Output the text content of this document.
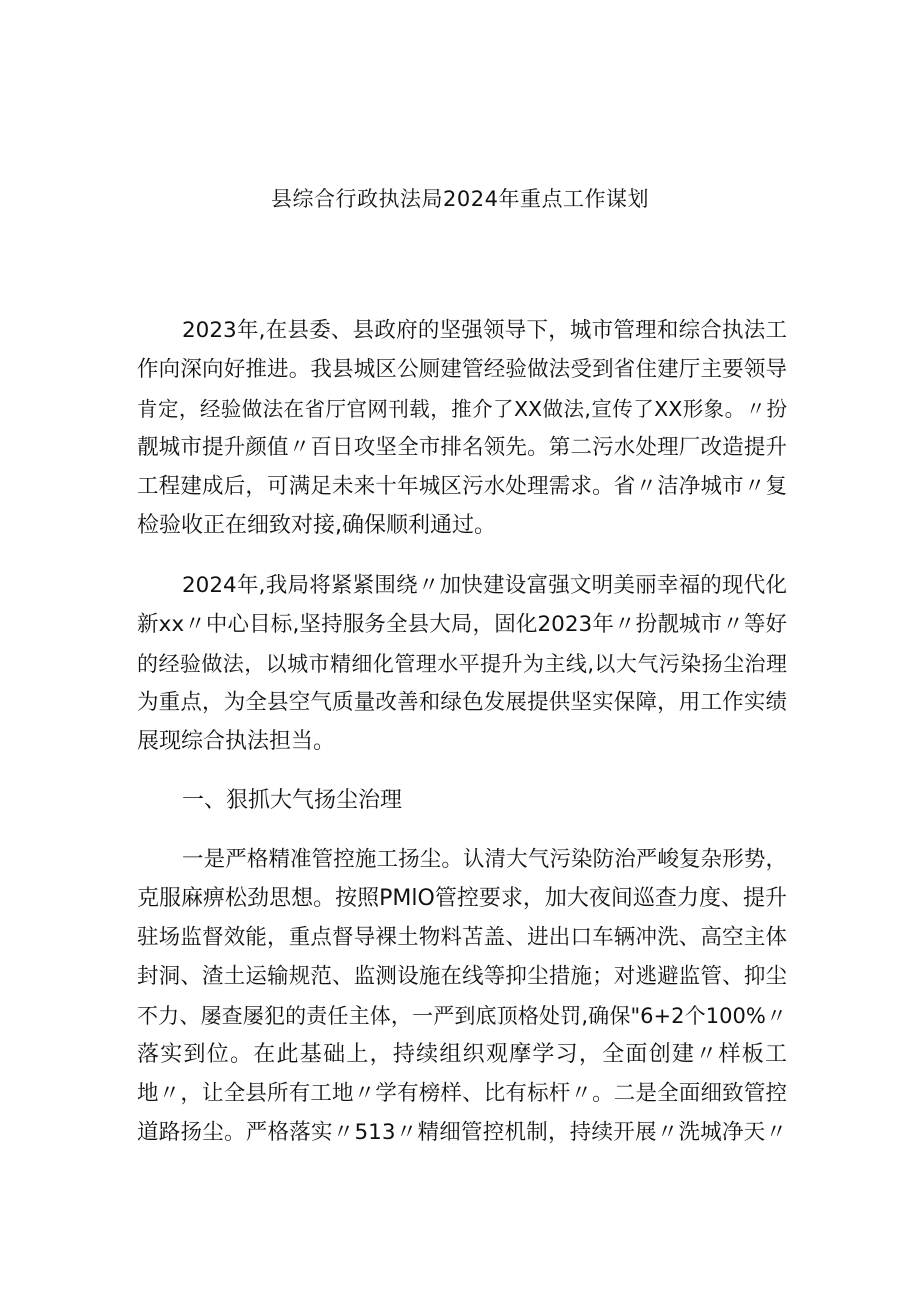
县综合行政执法局2024年重点工作谋划
2023年,在县委、县政府的坚强领导下，城市管理和综合执法工
作向深向好推进。我县城区公厕建管经验做法受到省住建厅主要领导
肯定，经验做法在省厅官网刊载，推介了XX做法,宣传了XX形象。〃扮
靓城市提升颜值〃百日攻坚全市排名领先。第二污水处理厂改造提升
工程建成后，可满足未来十年城区污水处理需求。省〃洁净城市〃复
检验收正在细致对接,确保顺利通过。
2024年,我局将紧紧围绕〃加快建设富强文明美丽幸福的现代化
新xx〃中心目标,坚持服务全县大局，固化2023年〃扮靓城市〃等好
的经验做法，以城市精细化管理水平提升为主线,以大气污染扬尘治理
为重点，为全县空气质量改善和绿色发展提供坚实保障，用工作实绩
展现综合执法担当。
一、狠抓大气扬尘治理
一是严格精准管控施工扬尘。认清大气污染防治严峻复杂形势，
克服麻痹松劲思想。按照PMlO管控要求，加大夜间巡查力度、提升
驻场监督效能，重点督导裸土物料苫盖、进出口车辆冲洗、高空主体
封洞、渣土运输规范、监测设施在线等抑尘措施；对逃避监管、抑尘
不力、屡查屡犯的责任主体，一严到底顶格处罚,确保"6+2个100%〃
落实到位。在此基础上，持续组织观摩学习，全面创建〃样板工
地〃，让全县所有工地〃学有榜样、比有标杆〃。二是全面细致管控
道路扬尘。严格落实〃513〃精细管控机制，持续开展〃洗城净天〃
